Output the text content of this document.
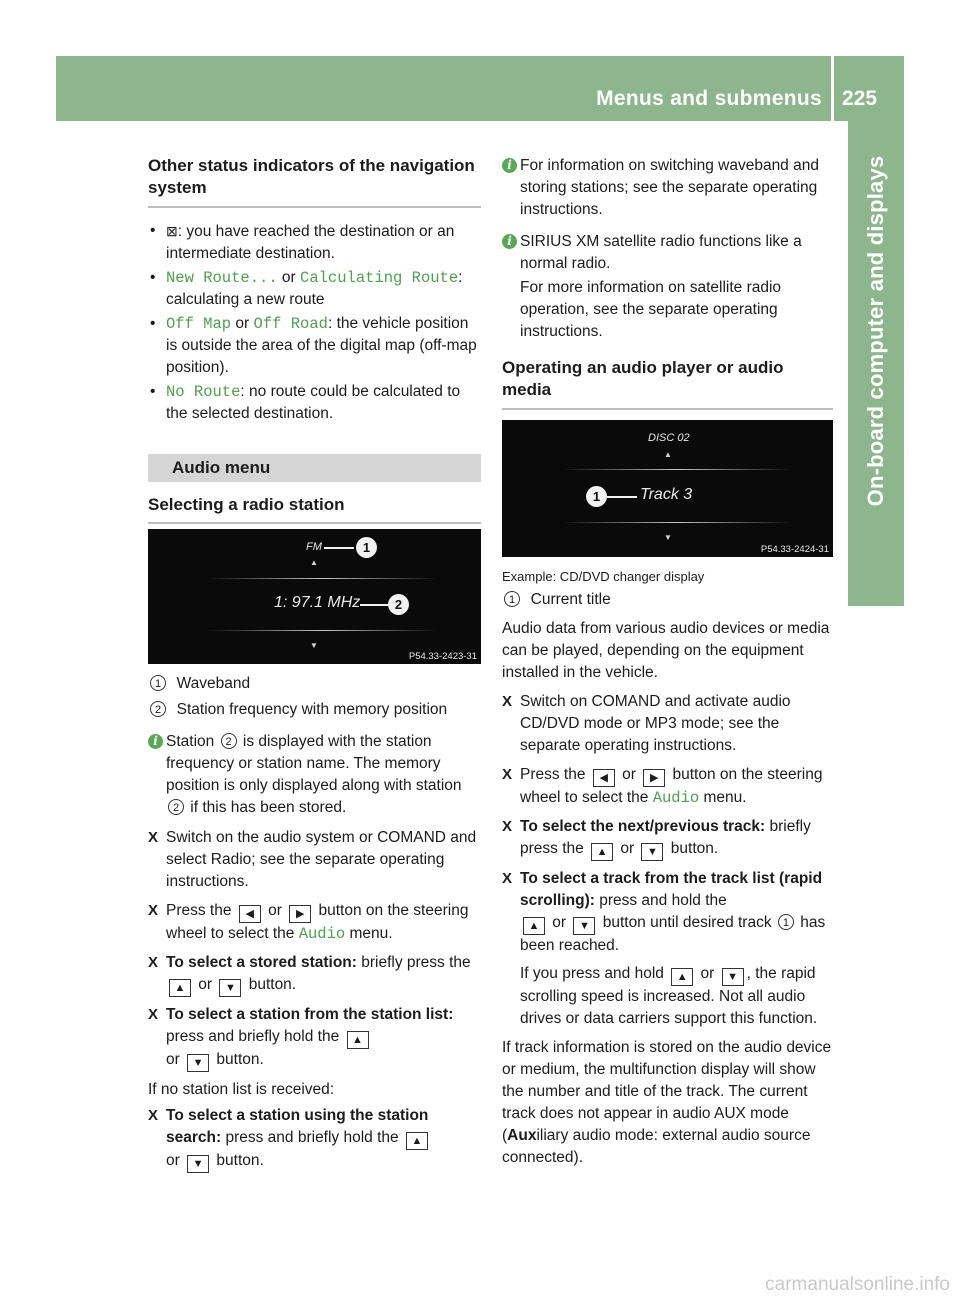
Menus and submenus 225
On-board computer and displays

Other status indicators of the navigation system

• ⊠: you have reached the destination or an intermediate destination.

• New Route... or Calculating Route: calculating a new route

• Off Map or Off Road: the vehicle position is outside the area of the digital map (off-map position).

• No Route: no route could be calculated to the selected destination.

Audio menu

Selecting a radio station

FM	1
▲
1: 97.1 MHz	2
▼
P54.33-2423-31

1 Waveband

2 Station frequency with memory position

i Station 2 is displayed with the station frequency or station name. The memory position is only displayed along with station 2 if this has been stored.

X Switch on the audio system or COMAND and select Radio; see the separate operating instructions.

X Press the ◀ or ▶ button on the steering wheel to select the Audio menu.

X To select a stored station: briefly press the ▲ or ▼ button.

X To select a station from the station list: press and briefly hold the ▲
or ▼ button.

If no station list is received:

X To select a station using the station search: press and briefly hold the ▲
or ▼ button.

i For information on switching waveband and storing stations; see the separate operating instructions.

i SIRIUS XM satellite radio functions like a normal radio.

For more information on satellite radio operation, see the separate operating instructions.

Operating an audio player or audio media

DISC 02
▲
1	Track 3
▼
P54.33-2424-31

Example: CD/DVD changer display

1 Current title

Audio data from various audio devices or media can be played, depending on the equipment installed in the vehicle.

X Switch on COMAND and activate audio CD/DVD mode or MP3 mode; see the separate operating instructions.

X Press the ◀ or ▶ button on the steering wheel to select the Audio menu.

X To select the next/previous track: briefly press the ▲ or ▼ button.

X To select a track from the track list (rapid scrolling): press and hold the
▲ or ▼ button until desired track 1 has been reached.

If you press and hold ▲ or ▼ , the rapid scrolling speed is increased. Not all audio drives or data carriers support this function.

If track information is stored on the audio device or medium, the multifunction display will show the number and title of the track. The current track does not appear in audio AUX mode (Auxiliary audio mode: external audio source connected).

carmanualsonline.info
